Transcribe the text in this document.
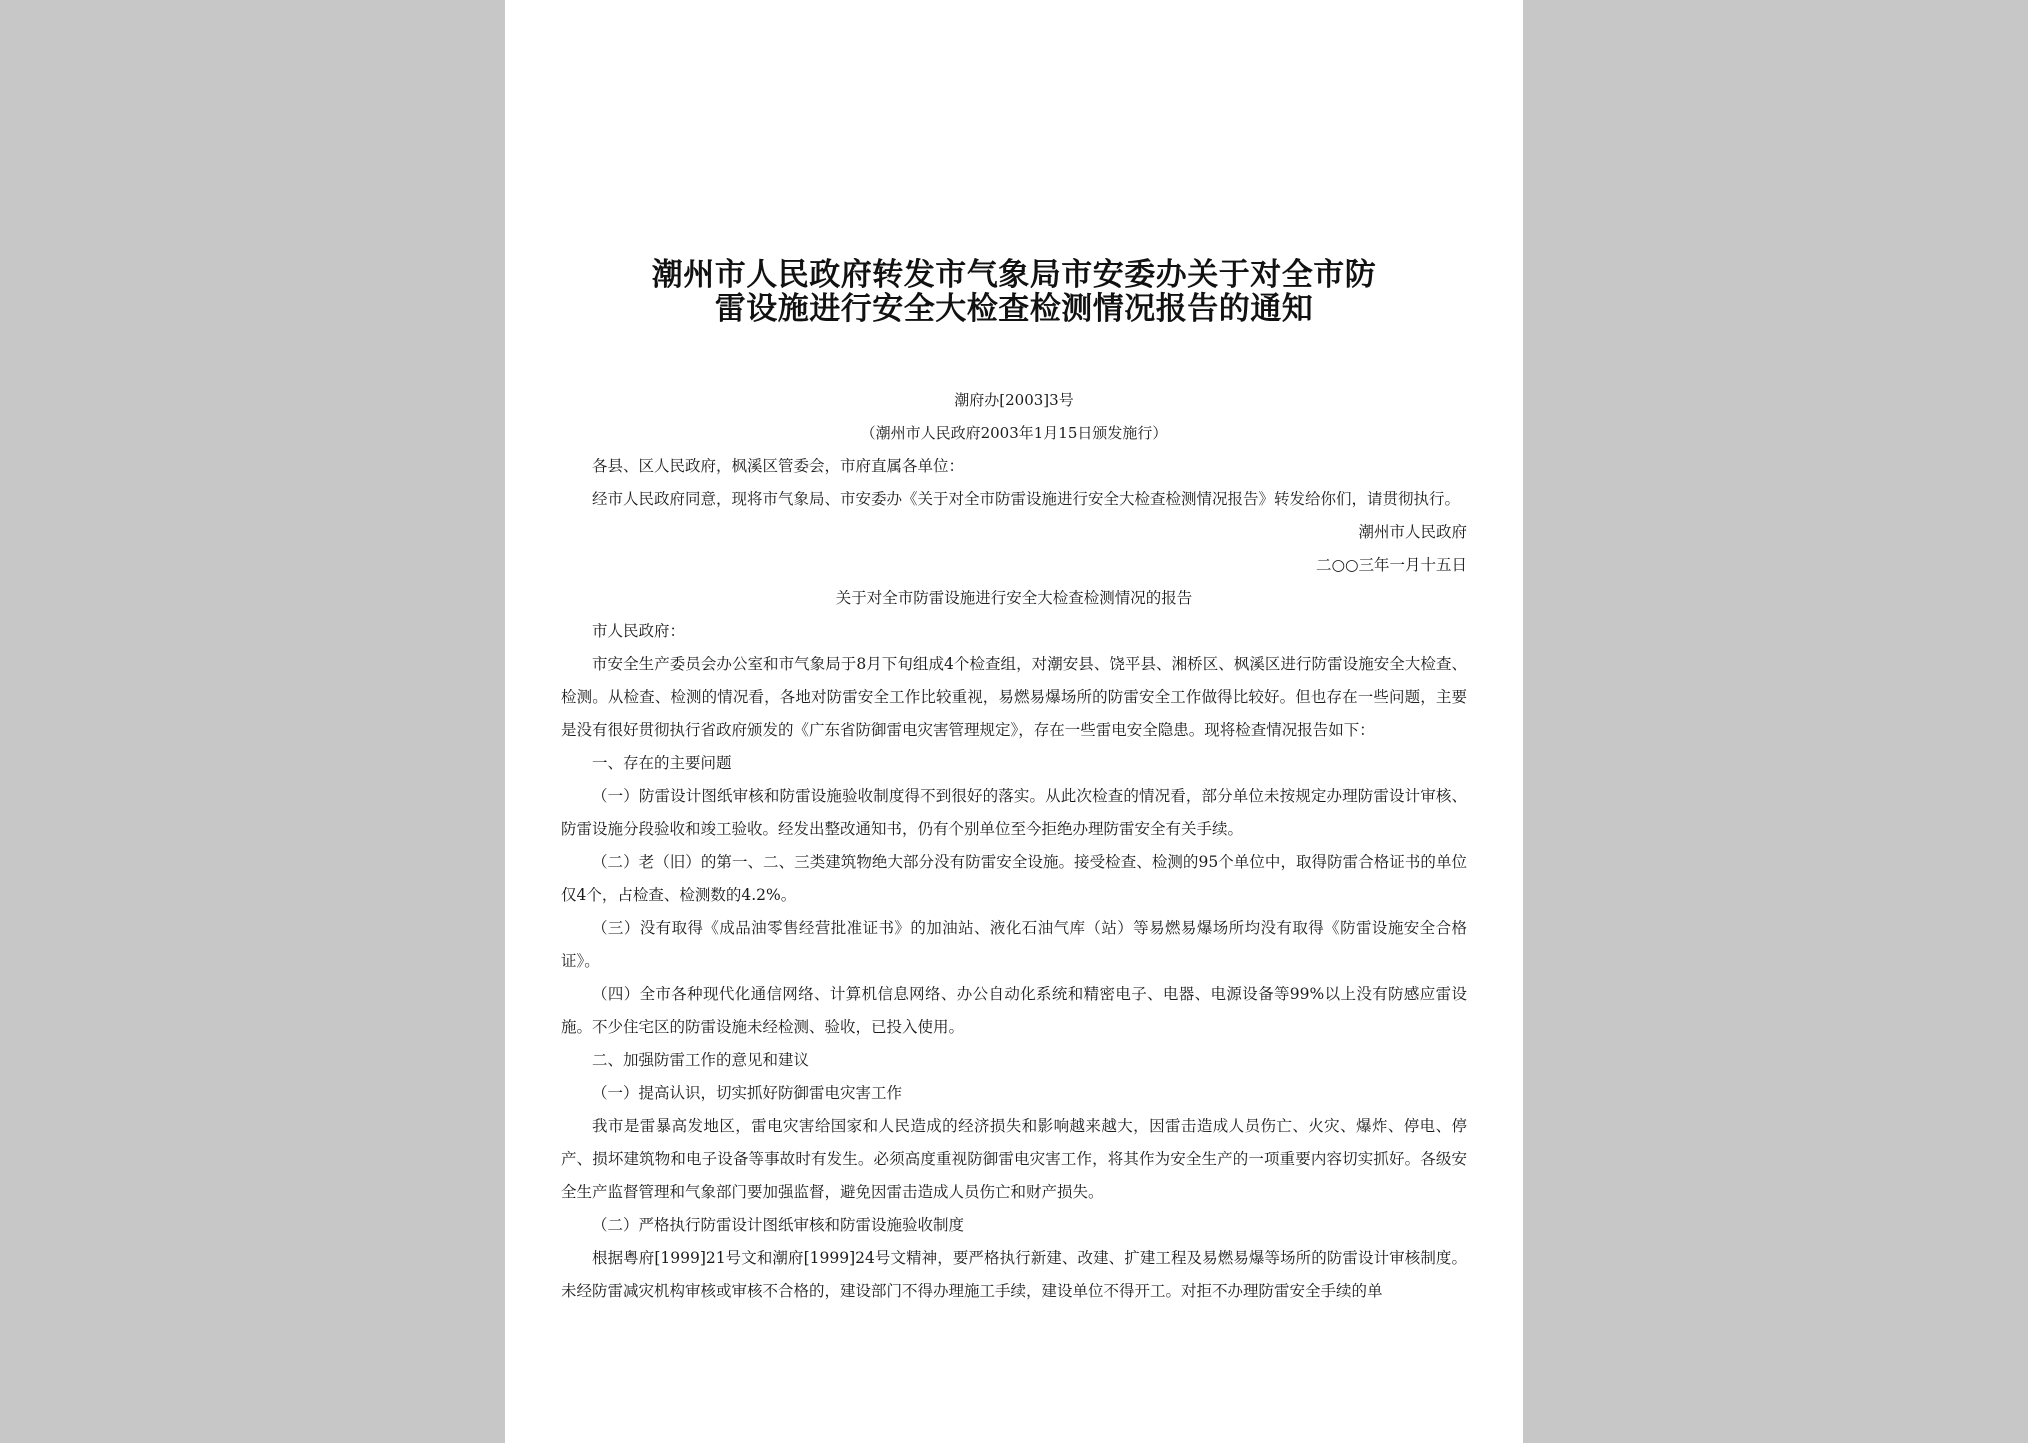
潮州市人民政府转发市气象局市安委办关于对全市防
雷设施进行安全大检查检测情况报告的通知

潮府办[2003]3号

（潮州市人民政府2003年1月15日颁发施行）

各县、区人民政府，枫溪区管委会，市府直属各单位：

经市人民政府同意，现将市气象局、市安委办《关于对全市防雷设施进行安全大检查检测情况报告》转发给你们，请贯彻执行。

潮州市人民政府

二○○三年一月十五日

关于对全市防雷设施进行安全大检查检测情况的报告

市人民政府：

市安全生产委员会办公室和市气象局于8月下旬组成4个检查组，对潮安县、饶平县、湘桥区、枫溪区进行防雷设施安全大检查、检测。从检查、检测的情况看，各地对防雷安全工作比较重视，易燃易爆场所的防雷安全工作做得比较好。但也存在一些问题，主要是没有很好贯彻执行省政府颁发的《广东省防御雷电灾害管理规定》，存在一些雷电安全隐患。现将检查情况报告如下：

一、存在的主要问题

（一）防雷设计图纸审核和防雷设施验收制度得不到很好的落实。从此次检查的情况看，部分单位未按规定办理防雷设计审核、防雷设施分段验收和竣工验收。经发出整改通知书，仍有个别单位至今拒绝办理防雷安全有关手续。

（二）老（旧）的第一、二、三类建筑物绝大部分没有防雷安全设施。接受检查、检测的95个单位中，取得防雷合格证书的单位仅4个，占检查、检测数的4.2%。

（三）没有取得《成品油零售经营批准证书》的加油站、液化石油气库（站）等易燃易爆场所均没有取得《防雷设施安全合格证》。

（四）全市各种现代化通信网络、计算机信息网络、办公自动化系统和精密电子、电器、电源设备等99%以上没有防感应雷设施。不少住宅区的防雷设施未经检测、验收，已投入使用。

二、加强防雷工作的意见和建议

（一）提高认识，切实抓好防御雷电灾害工作

我市是雷暴高发地区，雷电灾害给国家和人民造成的经济损失和影响越来越大，因雷击造成人员伤亡、火灾、爆炸、停电、停产、损坏建筑物和电子设备等事故时有发生。必须高度重视防御雷电灾害工作，将其作为安全生产的一项重要内容切实抓好。各级安全生产监督管理和气象部门要加强监督，避免因雷击造成人员伤亡和财产损失。

（二）严格执行防雷设计图纸审核和防雷设施验收制度

根据粤府[1999]21号文和潮府[1999]24号文精神，要严格执行新建、改建、扩建工程及易燃易爆等场所的防雷设计审核制度。未经防雷减灾机构审核或审核不合格的，建设部门不得办理施工手续，建设单位不得开工。对拒不办理防雷安全手续的单
